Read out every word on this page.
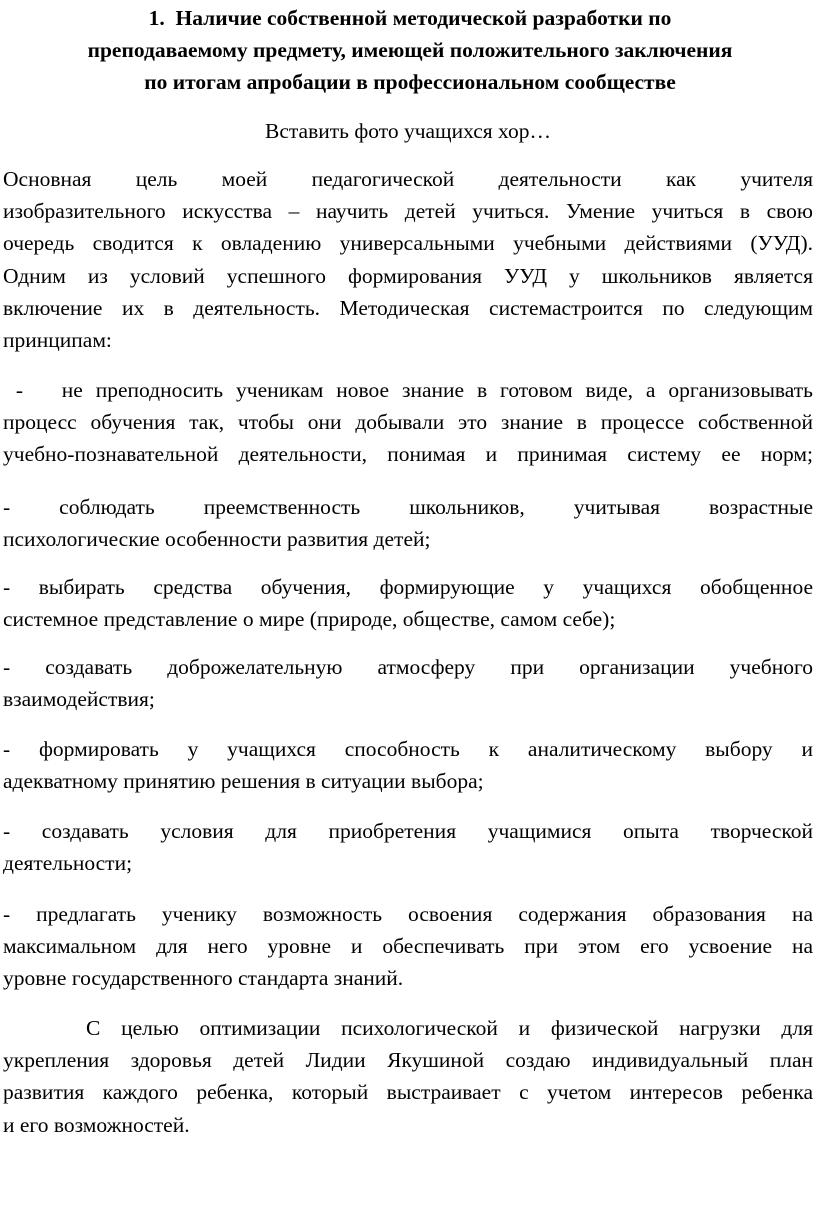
1. Наличие собственной методической разработки по
преподаваемому предмету, имеющей положительного заключения
по итогам апробации в профессиональном сообществе
Вставить фото учащихся хор…

Основная цель моей педагогической деятельности как учителя
изобразительного искусства – научить детей учиться. Умение учиться в свою
очередь сводится к овладению универсальными учебными действиями (УУД).
Одним из условий успешного формирования УУД у школьников является
включение их в деятельность. Методическая системастроится по следующим
принципам:

-   не преподносить ученикам новое знание в готовом виде, а организовывать
процесс обучения так, чтобы они добывали это знание в процессе собственной
учебно-познавательной деятельности, понимая и принимая систему ее норм;

- соблюдать преемственность школьников, учитывая возрастные
психологические особенности развития детей;

- выбирать средства обучения, формирующие у учащихся обобщенное
системное представление о мире (природе, обществе, самом себе);

- создавать доброжелательную атмосферу при организации учебного
взаимодействия;

- формировать у учащихся способность к аналитическому выбору и
адекватному принятию решения в ситуации выбора;

- создавать условия для приобретения учащимися опыта творческой
деятельности;

- предлагать ученику возможность освоения содержания образования на
максимальном для него уровне и обеспечивать при этом его усвоение на
уровне государственного стандарта знаний.

С целью оптимизации психологической и физической нагрузки для
укрепления здоровья детей Лидии Якушиной создаю индивидуальный план
развития каждого ребенка, который выстраивает с учетом интересов ребенка
и его возможностей.
